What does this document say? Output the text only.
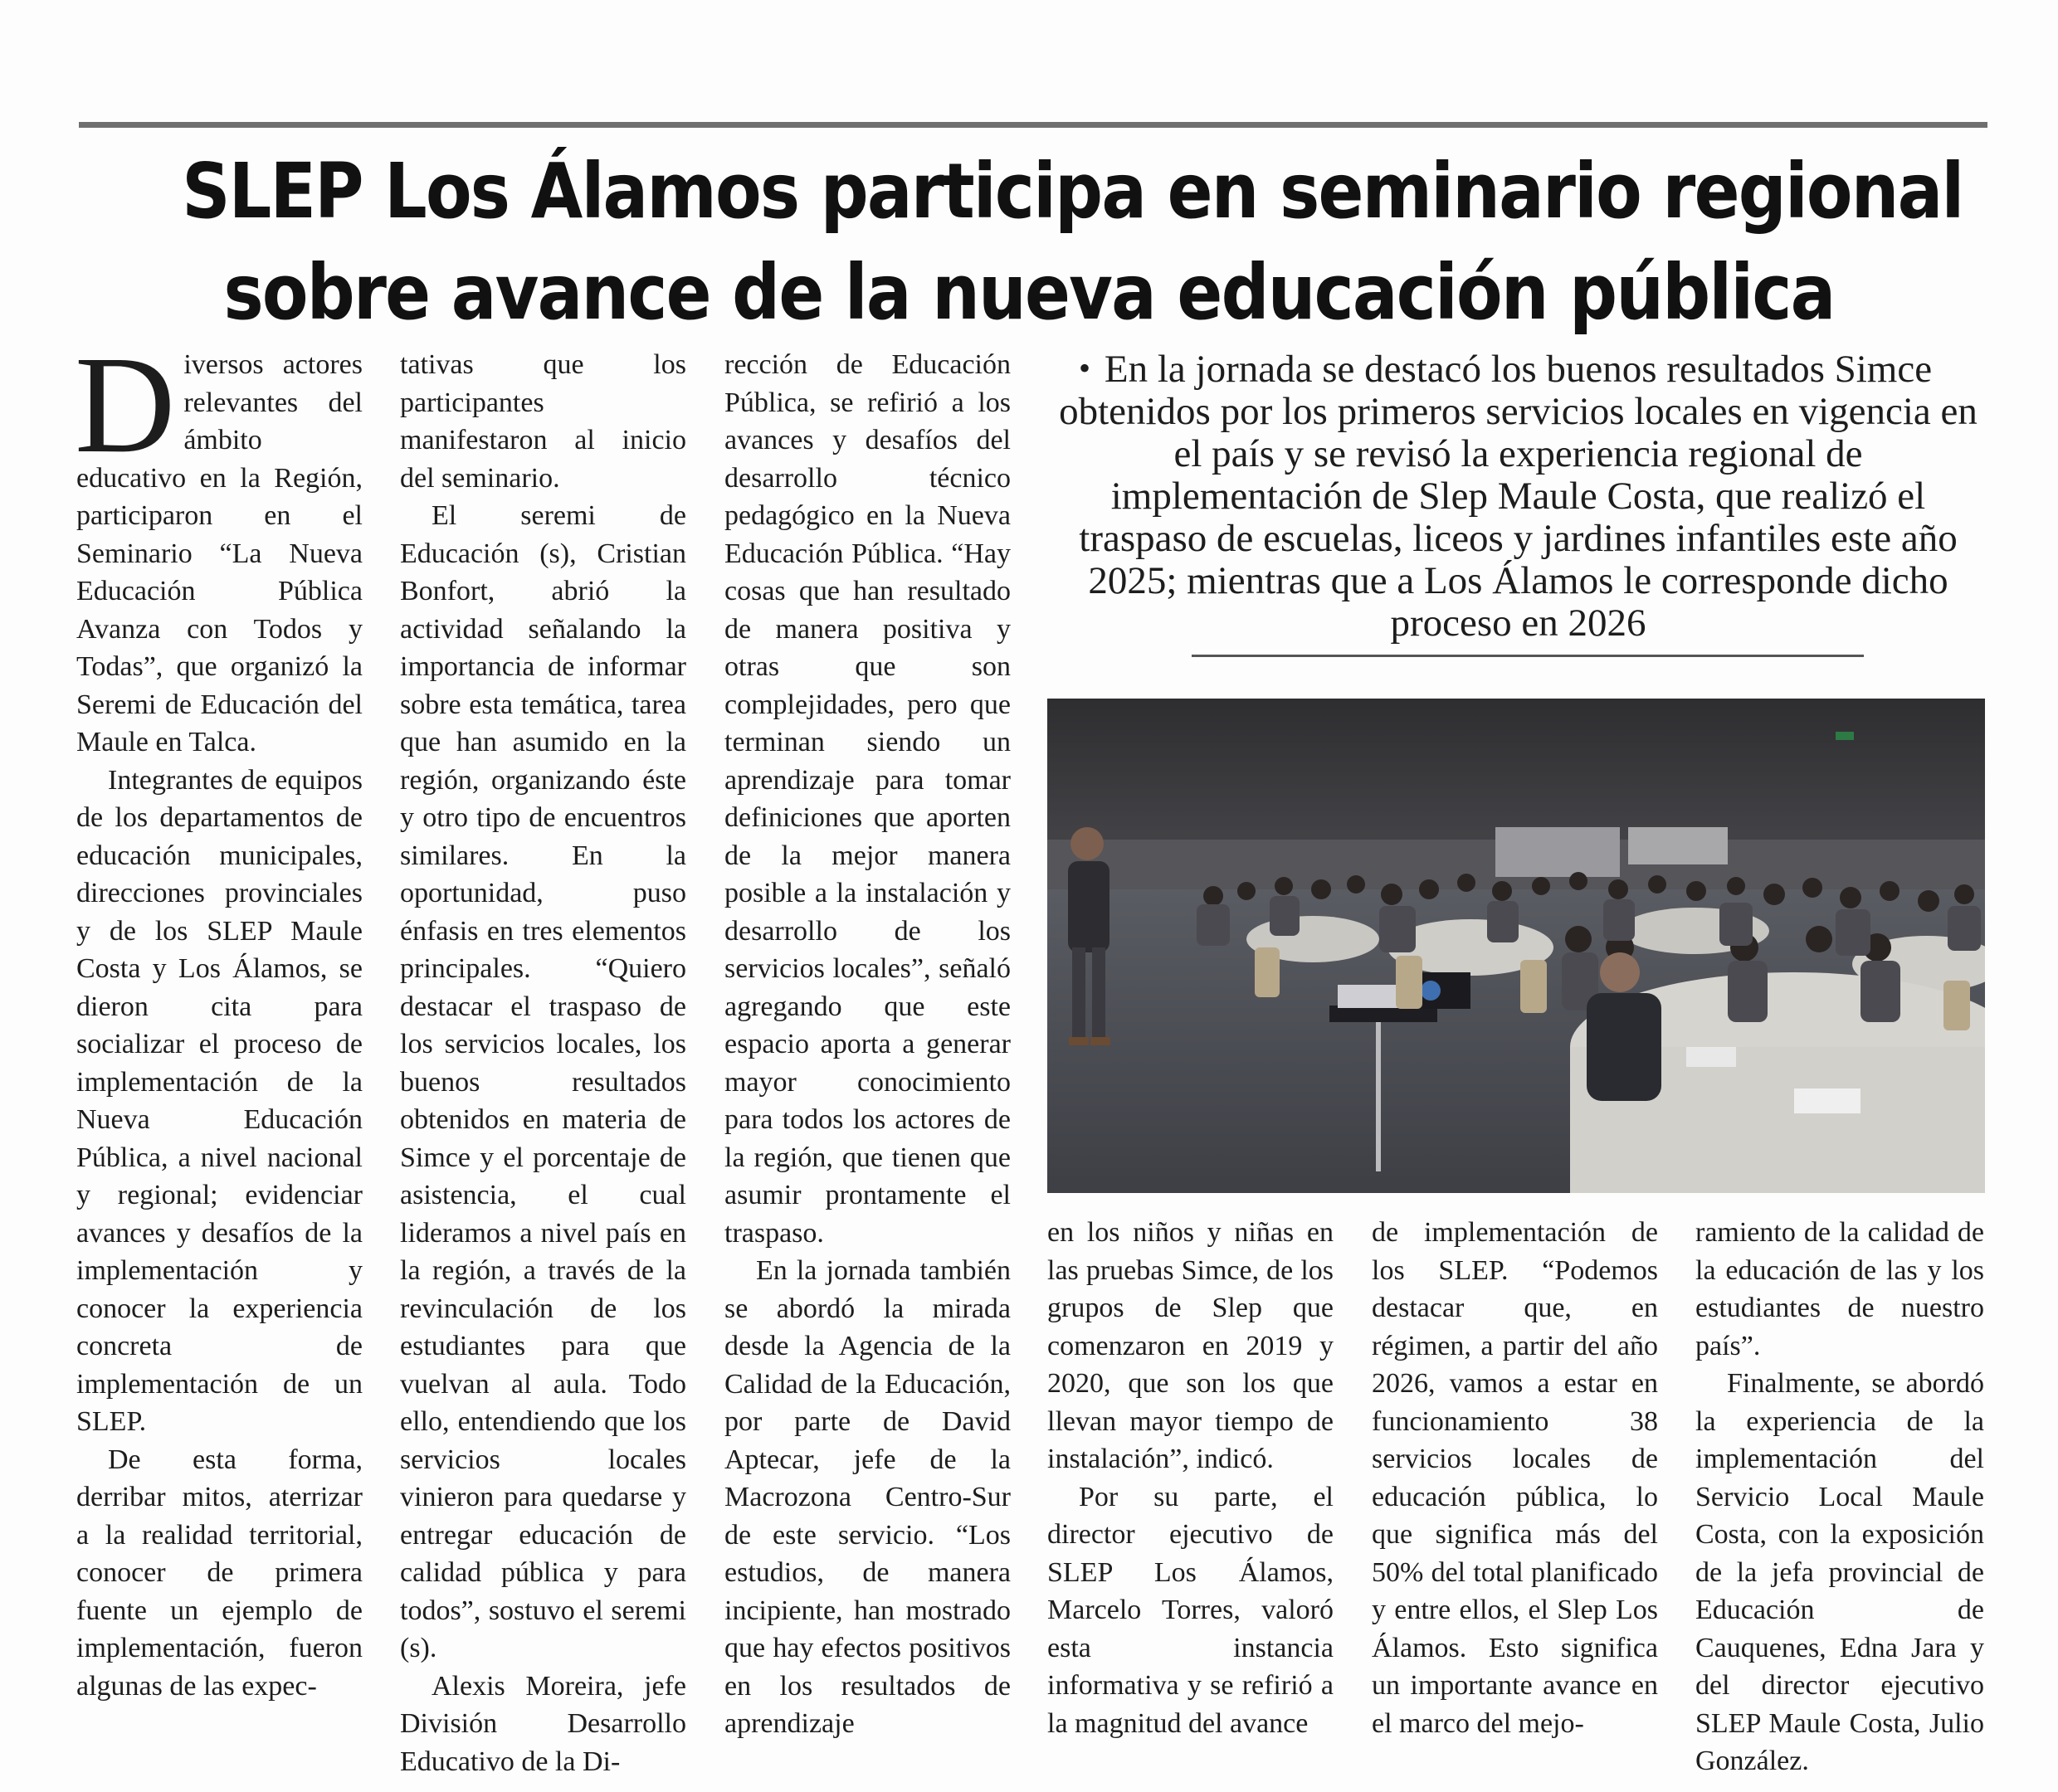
SLEP Los Álamos participa en seminario regional
sobre avance de la nueva educación pública

Diversos actores relevantes del ámbito educativo en la Región, participaron en el Seminario “La Nueva Educación Pública Avanza con Todos y Todas”, que organizó la Seremi de Educación del Maule en Talca.

Integrantes de equipos de los departamentos de educación municipales, direcciones provinciales y de los SLEP Maule Costa y Los Álamos, se dieron cita para socializar el proceso de implementación de la Nueva Educación Pública, a nivel nacional y regional; evidenciar avances y desafíos de la implementación y conocer la experiencia concreta de implementación de un SLEP.

De esta forma, derribar mitos, aterrizar a la realidad territorial, conocer de primera fuente un ejemplo de implementación, fueron algunas de las expec-

tativas que los participantes manifestaron al inicio del seminario.

El seremi de Educación (s), Cristian Bonfort, abrió la actividad señalando la importancia de informar sobre esta temática, tarea que han asumido en la región, organizando éste y otro tipo de encuentros similares. En la oportunidad, puso énfasis en tres elementos principales. “Quiero destacar el traspaso de los servicios locales, los buenos resultados obtenidos en materia de Simce y el porcentaje de asistencia, el cual lideramos a nivel país en la región, a través de la revinculación de los estudiantes para que vuelvan al aula. Todo ello, entendiendo que los servicios locales vinieron para quedarse y entregar educación de calidad pública y para todos”, sostuvo el seremi (s).

Alexis Moreira, jefe División Desarrollo Educativo de la Di-

rección de Educación Pública, se refirió a los avances y desafíos del desarrollo técnico pedagógico en la Nueva Educación Pública. “Hay cosas que han resultado de manera positiva y otras que son complejidades, pero que terminan siendo un aprendizaje para tomar definiciones que aporten de la mejor manera posible a la instalación y desarrollo de los servicios locales”, señaló agregando que este espacio aporta a generar mayor conocimiento para todos los actores de la región, que tienen que asumir prontamente el traspaso.

En la jornada también se abordó la mirada desde la Agencia de la Calidad de la Educación, por parte de David Aptecar, jefe de la Macrozona Centro-Sur de este servicio. “Los estudios, de manera incipiente, han mostrado que hay efectos positivos en los resultados de aprendizaje

• En la jornada se destacó los buenos resultados Simce obtenidos por los primeros servicios locales en vigencia en el país y se revisó la experiencia regional de implementación de Slep Maule Costa, que realizó el traspaso de escuelas, liceos y jardines infantiles este año 2025; mientras que a Los Álamos le corresponde dicho proceso en 2026

en los niños y niñas en las pruebas Simce, de los grupos de Slep que comenzaron en 2019 y 2020, que son los que llevan mayor tiempo de instalación”, indicó.

Por su parte, el director ejecutivo de SLEP Los Álamos, Marcelo Torres, valoró esta instancia informativa y se refirió a la magnitud del avance

de implementación de los SLEP. “Podemos destacar que, en régimen, a partir del año 2026, vamos a estar en funcionamiento 38 servicios locales de educación pública, lo que significa más del 50% del total planificado y entre ellos, el Slep Los Álamos. Esto significa un importante avance en el marco del mejo-

ramiento de la calidad de la educación de las y los estudiantes de nuestro país”.

Finalmente, se abordó la experiencia de la implementación del Servicio Local Maule Costa, con la exposición de la jefa provincial de Educación de Cauquenes, Edna Jara y del director ejecutivo SLEP Maule Costa, Julio González.
